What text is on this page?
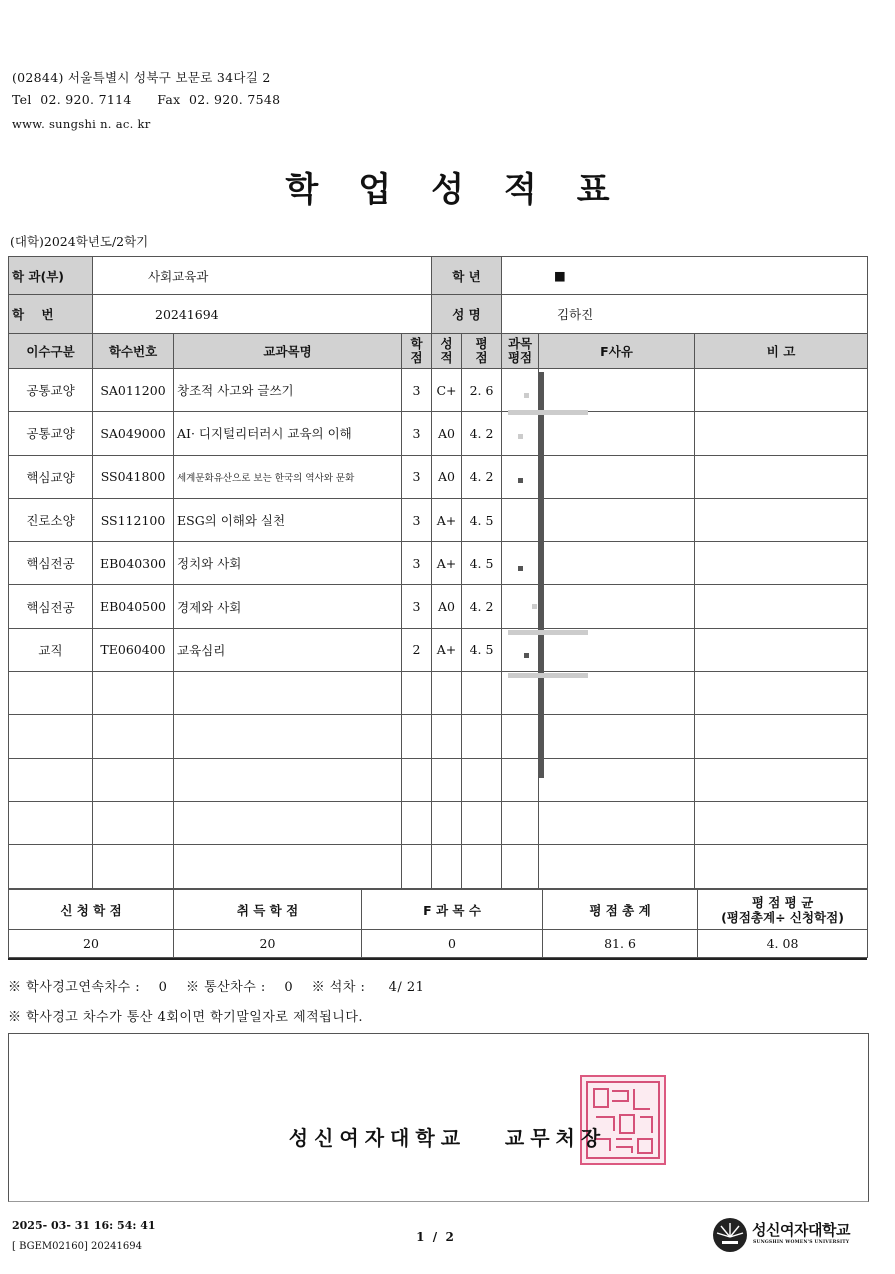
(02844) 서울특별시 성북구 보문로 34다길 2
Tel  02. 920. 7114      Fax  02. 920. 7548
www. sungshi n. ac. kr
학업성적표
(대학)2024학년도/2학기
학 과(부)	사회교육과			학 년		■		
학    번	20241694			성 명		김하진		
이수구분	학수번호	교과목명	학점	성적	평점	과목평점	F사유	비 고
공통교양	SA011200	창조적 사고와 글쓰기	3	C+	2. 6			
공통교양	SA049000	AI· 디지털리터러시 교육의 이해	3	A0	4. 2			
핵심교양	SS041800	세계문화유산으로 보는 한국의 역사와 문화	3	A0	4. 2			
진로소양	SS112100	ESG의 이해와 실천	3	A+	4. 5			
핵심전공	EB040300	정치와 사회	3	A+	4. 5			
핵심전공	EB040500	경제와 사회	3	A0	4. 2			
교직	TE060400	교육심리	2	A+	4. 5			

신 청 학 점	취 득 학 점	F 과 목 수	평 점 총 계	평 점 평 균
(평점총계÷ 신청학점)

20	20	0	81. 6	4. 08
※ 학사경고연속차수 :    0    ※ 통산차수 :    0    ※ 석차 :     4/ 21
※ 학사경고 차수가 통산 4회이면 학기말일자로 제적됩니다.
성신여자대학교   교무처장
2025- 03- 31 16: 54: 41
[ BGEM02160] 20241694
1  /  2	성신여자대학교
SUNGSHIN WOMEN'S UNIVERSITY
